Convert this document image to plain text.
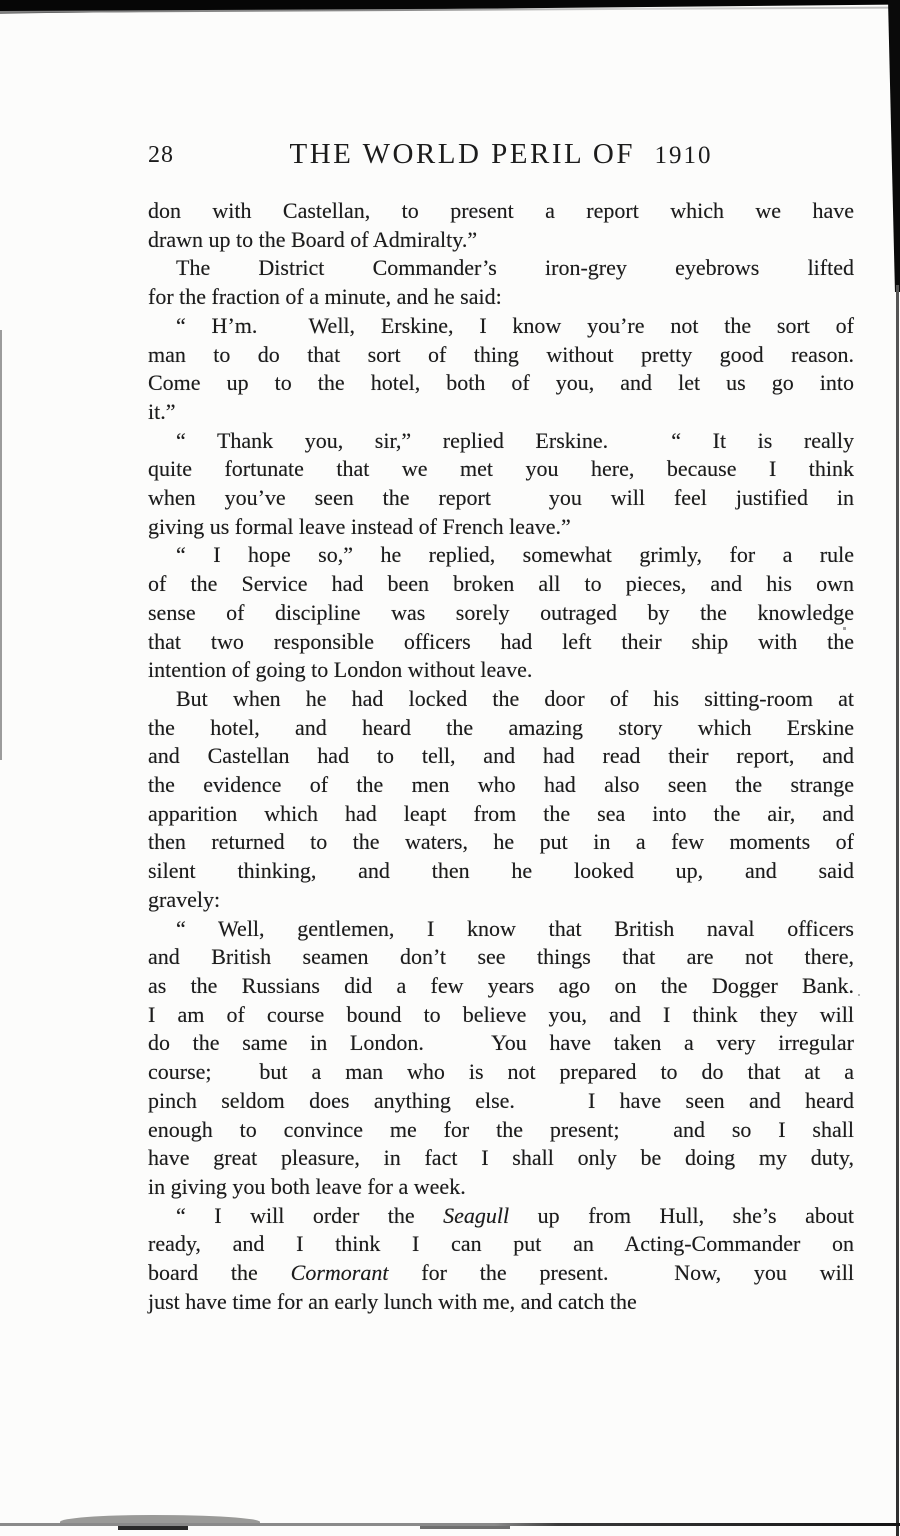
28	THE WORLD PERIL OF 1910
don with Castellan, to present a report which we have
drawn up to the Board of Admiralty.”
The District Commander’s iron-grey eyebrows lifted
for the fraction of a minute, and he said:
“ H’m.  Well, Erskine, I know you’re not the sort of
man to do that sort of thing without pretty good reason.
Come up to the hotel, both of you, and let us go into
it.”
“ Thank you, sir,” replied Erskine.  “ It is really
quite fortunate that we met you here, because I think
when you’ve seen the report  you will feel justified in
giving us formal leave instead of French leave.”
“ I hope so,” he replied, somewhat grimly, for a rule
of the Service had been broken all to pieces, and his own
sense of discipline was sorely outraged by the knowledge
that two responsible officers had left their ship with the
intention of going to London without leave.
But when he had locked the door of his sitting-room at
the hotel, and heard the amazing story which Erskine
and Castellan had to tell, and had read their report, and
the evidence of the men who had also seen the strange
apparition which had leapt from the sea into the air, and
then returned to the waters, he put in a few moments of
silent thinking, and then he looked up, and said
gravely:
“ Well, gentlemen, I know that British naval officers
and British seamen don’t see things that are not there,
as the Russians did a few years ago on the Dogger Bank.
I am of course bound to believe you, and I think they will
do the same in London.   You have taken a very irregular
course;  but a man who is not prepared to do that at a
pinch seldom does anything else.   I have seen and heard
enough to convince me for the present;  and so I shall
have great pleasure, in fact I shall only be doing my duty,
in giving you both leave for a week.
“ I will order the Seagull up from Hull, she’s about
ready, and I think I can put an Acting-Commander on
board the Cormorant for the present.  Now, you will
just have time for an early lunch with me, and catch the
